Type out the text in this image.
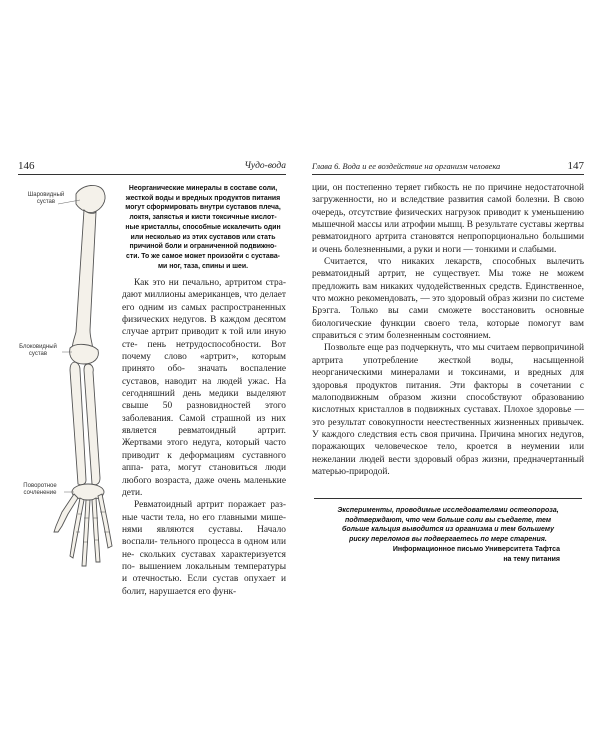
146	Чудо-вода
Шаровидный
сустав
Блоковидный
сустав
Поворотное
сочленение
Неорганические минералы в составе соли,
жесткой воды и вредных продуктов питания
могут сформировать внутри суставов плеча,
локтя, запястья и кисти токсичные кислот-
ные кристаллы, способные искалечить один
или несколько из этих суставов или стать
причиной боли и ограниченной подвижно-
сти. То же самое может произойти с сустава-
ми ног, таза, спины и шеи.

Как это ни печально, артритом стра- дают миллионы американцев, что делает его одним из самых распространенных физических недугов. В каждом десятом случае артрит приводит к той или иную сте- пень нетрудоспособности. Вот почему слово «артрит», которым принято обо- значать воспаление суставов, наводит на людей ужас. На сегодняшний день медики выделяют свыше 50 разновидностей этого заболевания. Самой страшной из них является ревматоидный артрит. Жертвами этого недуга, который часто приводит к деформациям суставного аппа- рата, могут становиться люди любого возраста, даже очень маленькие дети.

Ревматоидный артрит поражает раз- ные части тела, но его главными мише- нями являются суставы. Начало воспали- тельного процесса в одном или не- скольких суставах характеризуется по- вышением локальным температуры и отечностью. Если сустав опухает и болит, нарушается его функ-

Глава 6. Вода и ее воздействие на организм человека	147

ции, он постепенно теряет гибкость не по причине недостаточной загруженности, но и вследствие развития самой болезни. В свою очередь, отсутствие физических нагрузок приводит к уменьшению мышечной массы или атрофии мышц. В результате суставы жертвы ревматоидного артрита становятся непропорционально большими и очень болезненными, а руки и ноги — тонкими и слабыми.

Считается, что никаких лекарств, способных вылечить ревматоидный артрит, не существует. Мы тоже не можем предложить вам никаких чудодейственных средств. Единственное, что можно рекомендовать, — это здоровый образ жизни по системе Брэгга. Только вы сами сможете восстановить основные биологические функции своего тела, которые помогут вам справиться с этим болезненным состоянием.

Позвольте еще раз подчеркнуть, что мы считаем первопричиной артрита употребление жесткой воды, насыщенной неорганическими минералами и токсинами, и вредных для здоровья продуктов питания. Эти факторы в сочетании с малоподвижным образом жизни способствуют образованию кислотных кристаллов в подвижных суставах. Плохое здоровье — это результат совокупности неестественных жизненных привычек. У каждого следствия есть своя причина. Причина многих недугов, поражающих человеческое тело, кроется в неумении или нежелании людей вести здоровый образ жизни, предначертанный матерью-природой.

Эксперименты, проводимые исследователями остеопороза,
подтверждают, что чем больше соли вы съедаете, тем
больше кальция выводится из организма и тем большему
риску переломов вы подвергаетесь по мере старения.
Информационное письмо Университета Тафтса
на тему питания
